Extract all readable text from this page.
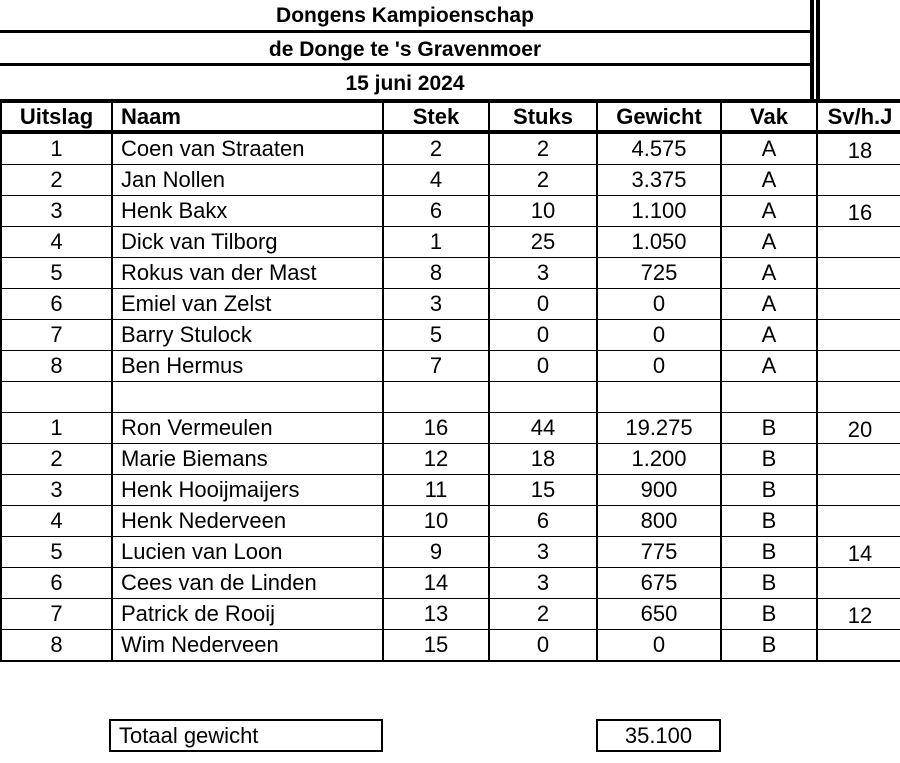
Dongens Kampioenschap
de Donge te 's Gravenmoer
15 juni 2024
Uitslag	Naam	Stek	Stuks	Gewicht	Vak	Sv/h.J
1	Coen van Straaten	2	2	4.575	A	18
2	Jan Nollen	4	2	3.375	A	
3	Henk Bakx	6	10	1.100	A	16
4	Dick van Tilborg	1	25	1.050	A	
5	Rokus van der Mast	8	3	725	A	
6	Emiel van Zelst	3	0	0	A	
7	Barry Stulock	5	0	0	A	
8	Ben Hermus	7	0	0	A	

1	Ron Vermeulen	16	44	19.275	B	20
2	Marie Biemans	12	18	1.200	B	
3	Henk Hooijmaijers	11	15	900	B	
4	Henk Nederveen	10	6	800	B	
5	Lucien van Loon	9	3	775	B	14
6	Cees van de Linden	14	3	675	B	
7	Patrick de Rooij	13	2	650	B	12
8	Wim Nederveen	15	0	0	B	
Totaal gewicht	35.100
